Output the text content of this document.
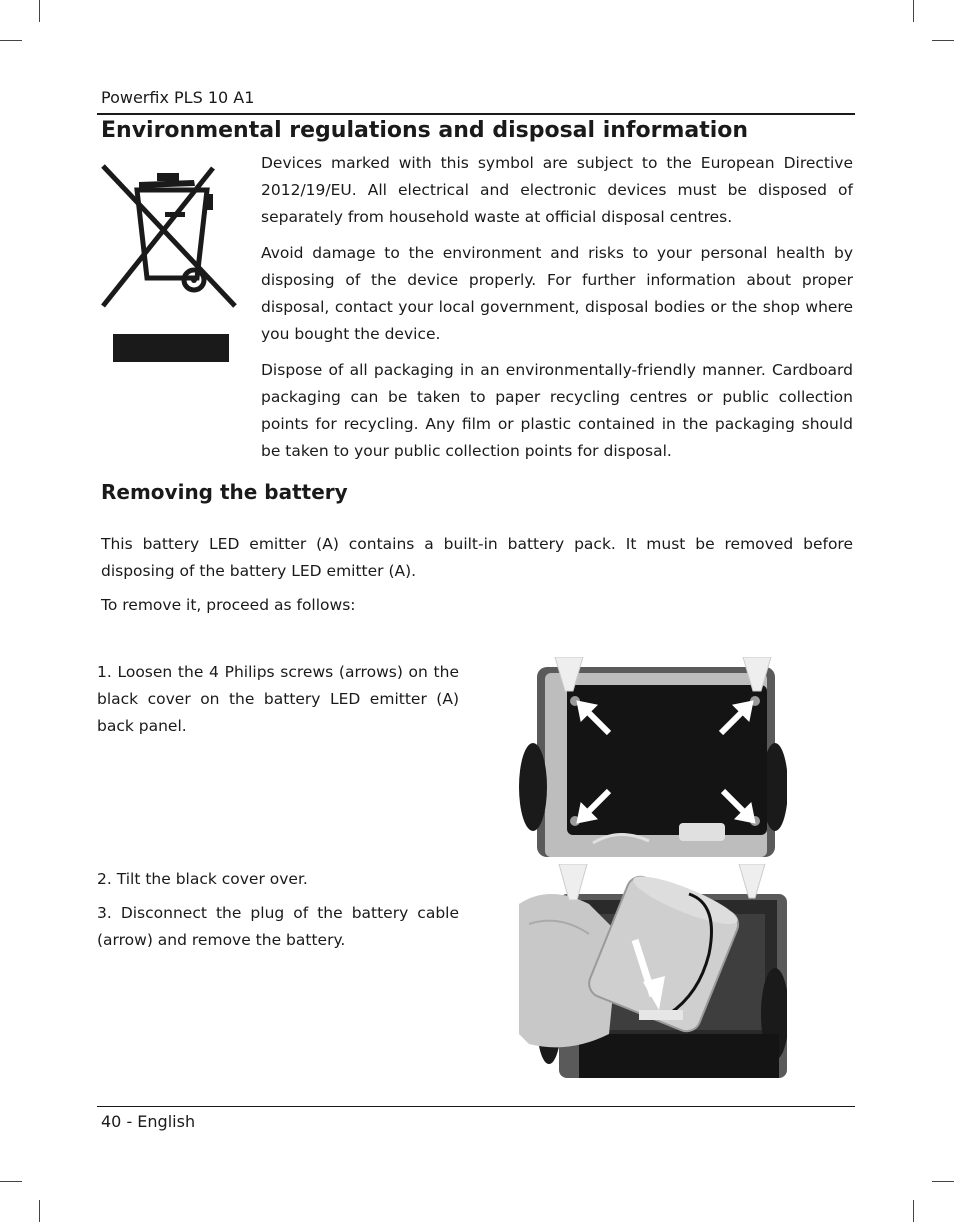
Powerfix PLS 10 A1
Environmental regulations and disposal information

Devices marked with this symbol are subject to the European Directive 2012/19/EU. All electrical and electronic devices must be disposed of separately from household waste at official disposal centres.

Avoid damage to the environment and risks to your personal health by disposing of the device properly. For further information about proper disposal, contact your local government, disposal bodies or the shop where you bought the device.

Dispose of all packaging in an environmentally-friendly manner. Cardboard packaging can be taken to paper recycling centres or public collection points for recycling. Any film or plastic contained in the packaging should be taken to your public collection points for disposal.

Removing the battery

This battery LED emitter (A) contains a built-in battery pack. It must be removed before disposing of the battery LED emitter (A).

To remove it, proceed as follows:

1. Loosen the 4 Philips screws (arrows) on the black cover on the battery LED emitter (A) back panel.

2. Tilt the black cover over.

3. Disconnect the plug of the battery cable (arrow) and remove the battery.

40 - English
